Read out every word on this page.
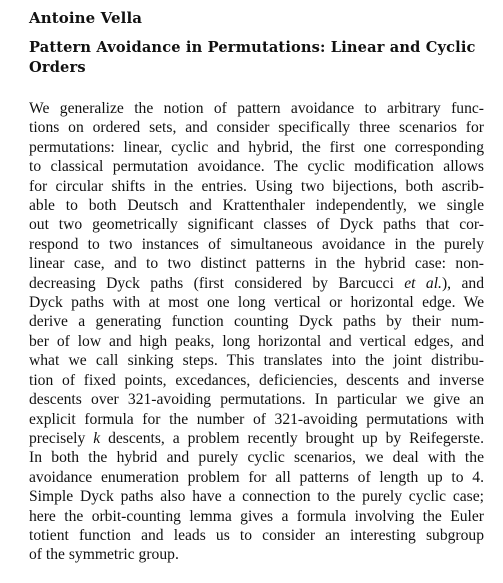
Antoine Vella
Pattern Avoidance in Permutations: Linear and Cyclic
Orders
We generalize the notion of pattern avoidance to arbitrary func-
tions on ordered sets, and consider specifically three scenarios for
permutations: linear, cyclic and hybrid, the first one corresponding
to classical permutation avoidance. The cyclic modification allows
for circular shifts in the entries. Using two bijections, both ascrib-
able to both Deutsch and Krattenthaler independently, we single
out two geometrically significant classes of Dyck paths that cor-
respond to two instances of simultaneous avoidance in the purely
linear case, and to two distinct patterns in the hybrid case: non-
decreasing Dyck paths (first considered by Barcucci et al.), and
Dyck paths with at most one long vertical or horizontal edge. We
derive a generating function counting Dyck paths by their num-
ber of low and high peaks, long horizontal and vertical edges, and
what we call sinking steps. This translates into the joint distribu-
tion of fixed points, excedances, deficiencies, descents and inverse
descents over 321-avoiding permutations. In particular we give an
explicit formula for the number of 321-avoiding permutations with
precisely k descents, a problem recently brought up by Reifegerste.
In both the hybrid and purely cyclic scenarios, we deal with the
avoidance enumeration problem for all patterns of length up to 4.
Simple Dyck paths also have a connection to the purely cyclic case;
here the orbit-counting lemma gives a formula involving the Euler
totient function and leads us to consider an interesting subgroup
of the symmetric group.
